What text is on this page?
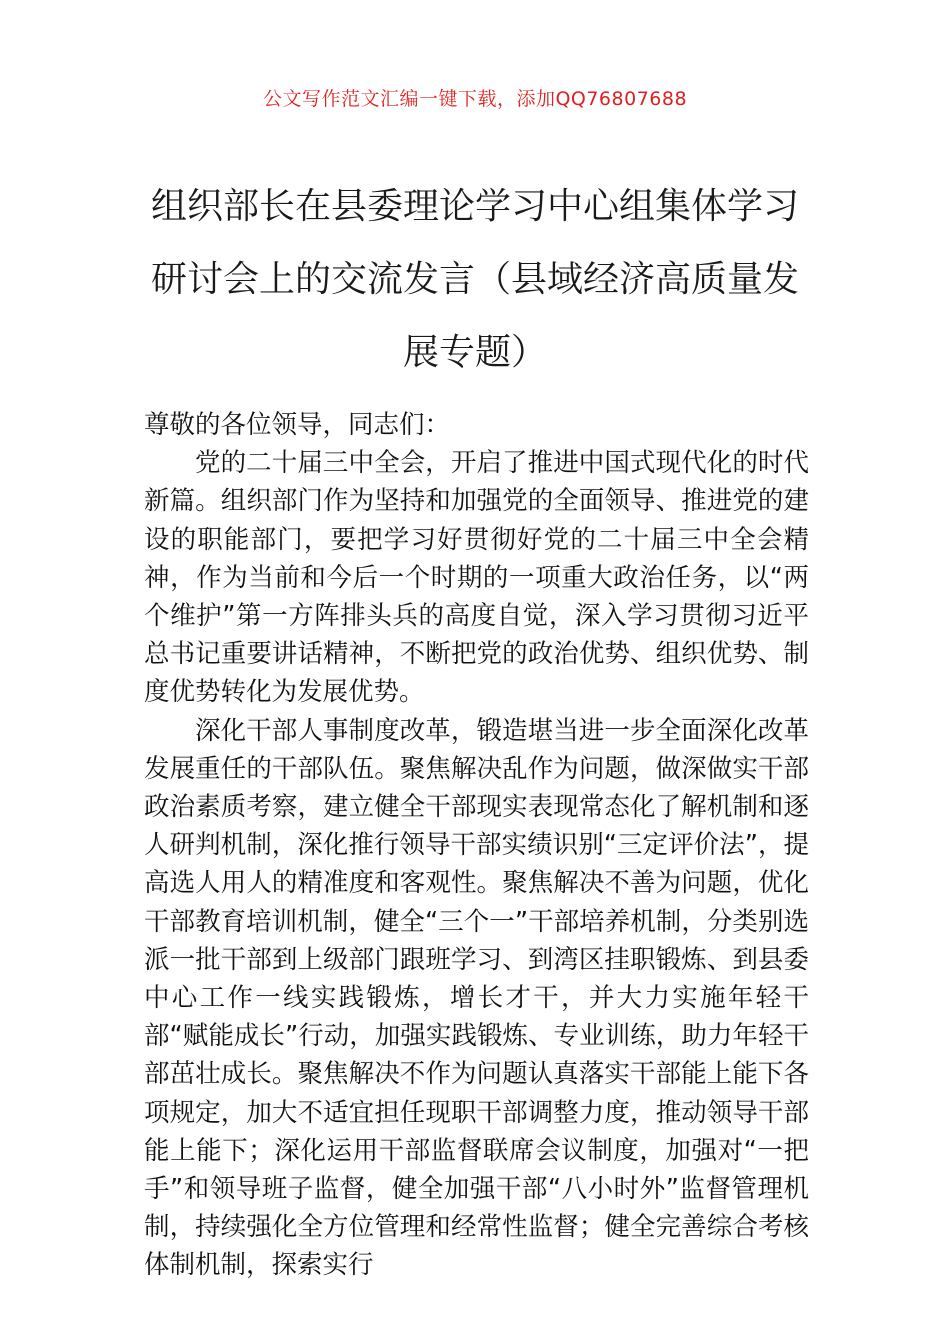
公文写作范文汇编一键下载，添加QQ76807688
组织部长在县委理论学习中心组集体学习
研讨会上的交流发言（县域经济高质量发
展专题）

尊敬的各位领导，同志们：

党的二十届三中全会，开启了推进中国式现代化的时代新篇。组织部门作为坚持和加强党的全面领导、推进党的建设的职能部门，要把学习好贯彻好党的二十届三中全会精神，作为当前和今后一个时期的一项重大政治任务，以“两个维护”第一方阵排头兵的高度自觉，深入学习贯彻习近平总书记重要讲话精神，不断把党的政治优势、组织优势、制度优势转化为发展优势。

深化干部人事制度改革，锻造堪当进一步全面深化改革发展重任的干部队伍。聚焦解决乱作为问题，做深做实干部政治素质考察，建立健全干部现实表现常态化了解机制和逐人研判机制，深化推行领导干部实绩识别“三定评价法”，提高选人用人的精准度和客观性。聚焦解决不善为问题，优化干部教育培训机制，健全“三个一”干部培养机制，分类别选派一批干部到上级部门跟班学习、到湾区挂职锻炼、到县委中心工作一线实践锻炼，增长才干，并大力实施年轻干部“赋能成长”行动，加强实践锻炼、专业训练，助力年轻干部茁壮成长。聚焦解决不作为问题认真落实干部能上能下各项规定，加大不适宜担任现职干部调整力度，推动领导干部能上能下；深化运用干部监督联席会议制度，加强对“一把手”和领导班子监督，健全加强干部“八小时外”监督管理机制，持续强化全方位管理和经常性监督；健全完善综合考核体制机制，探索实行
